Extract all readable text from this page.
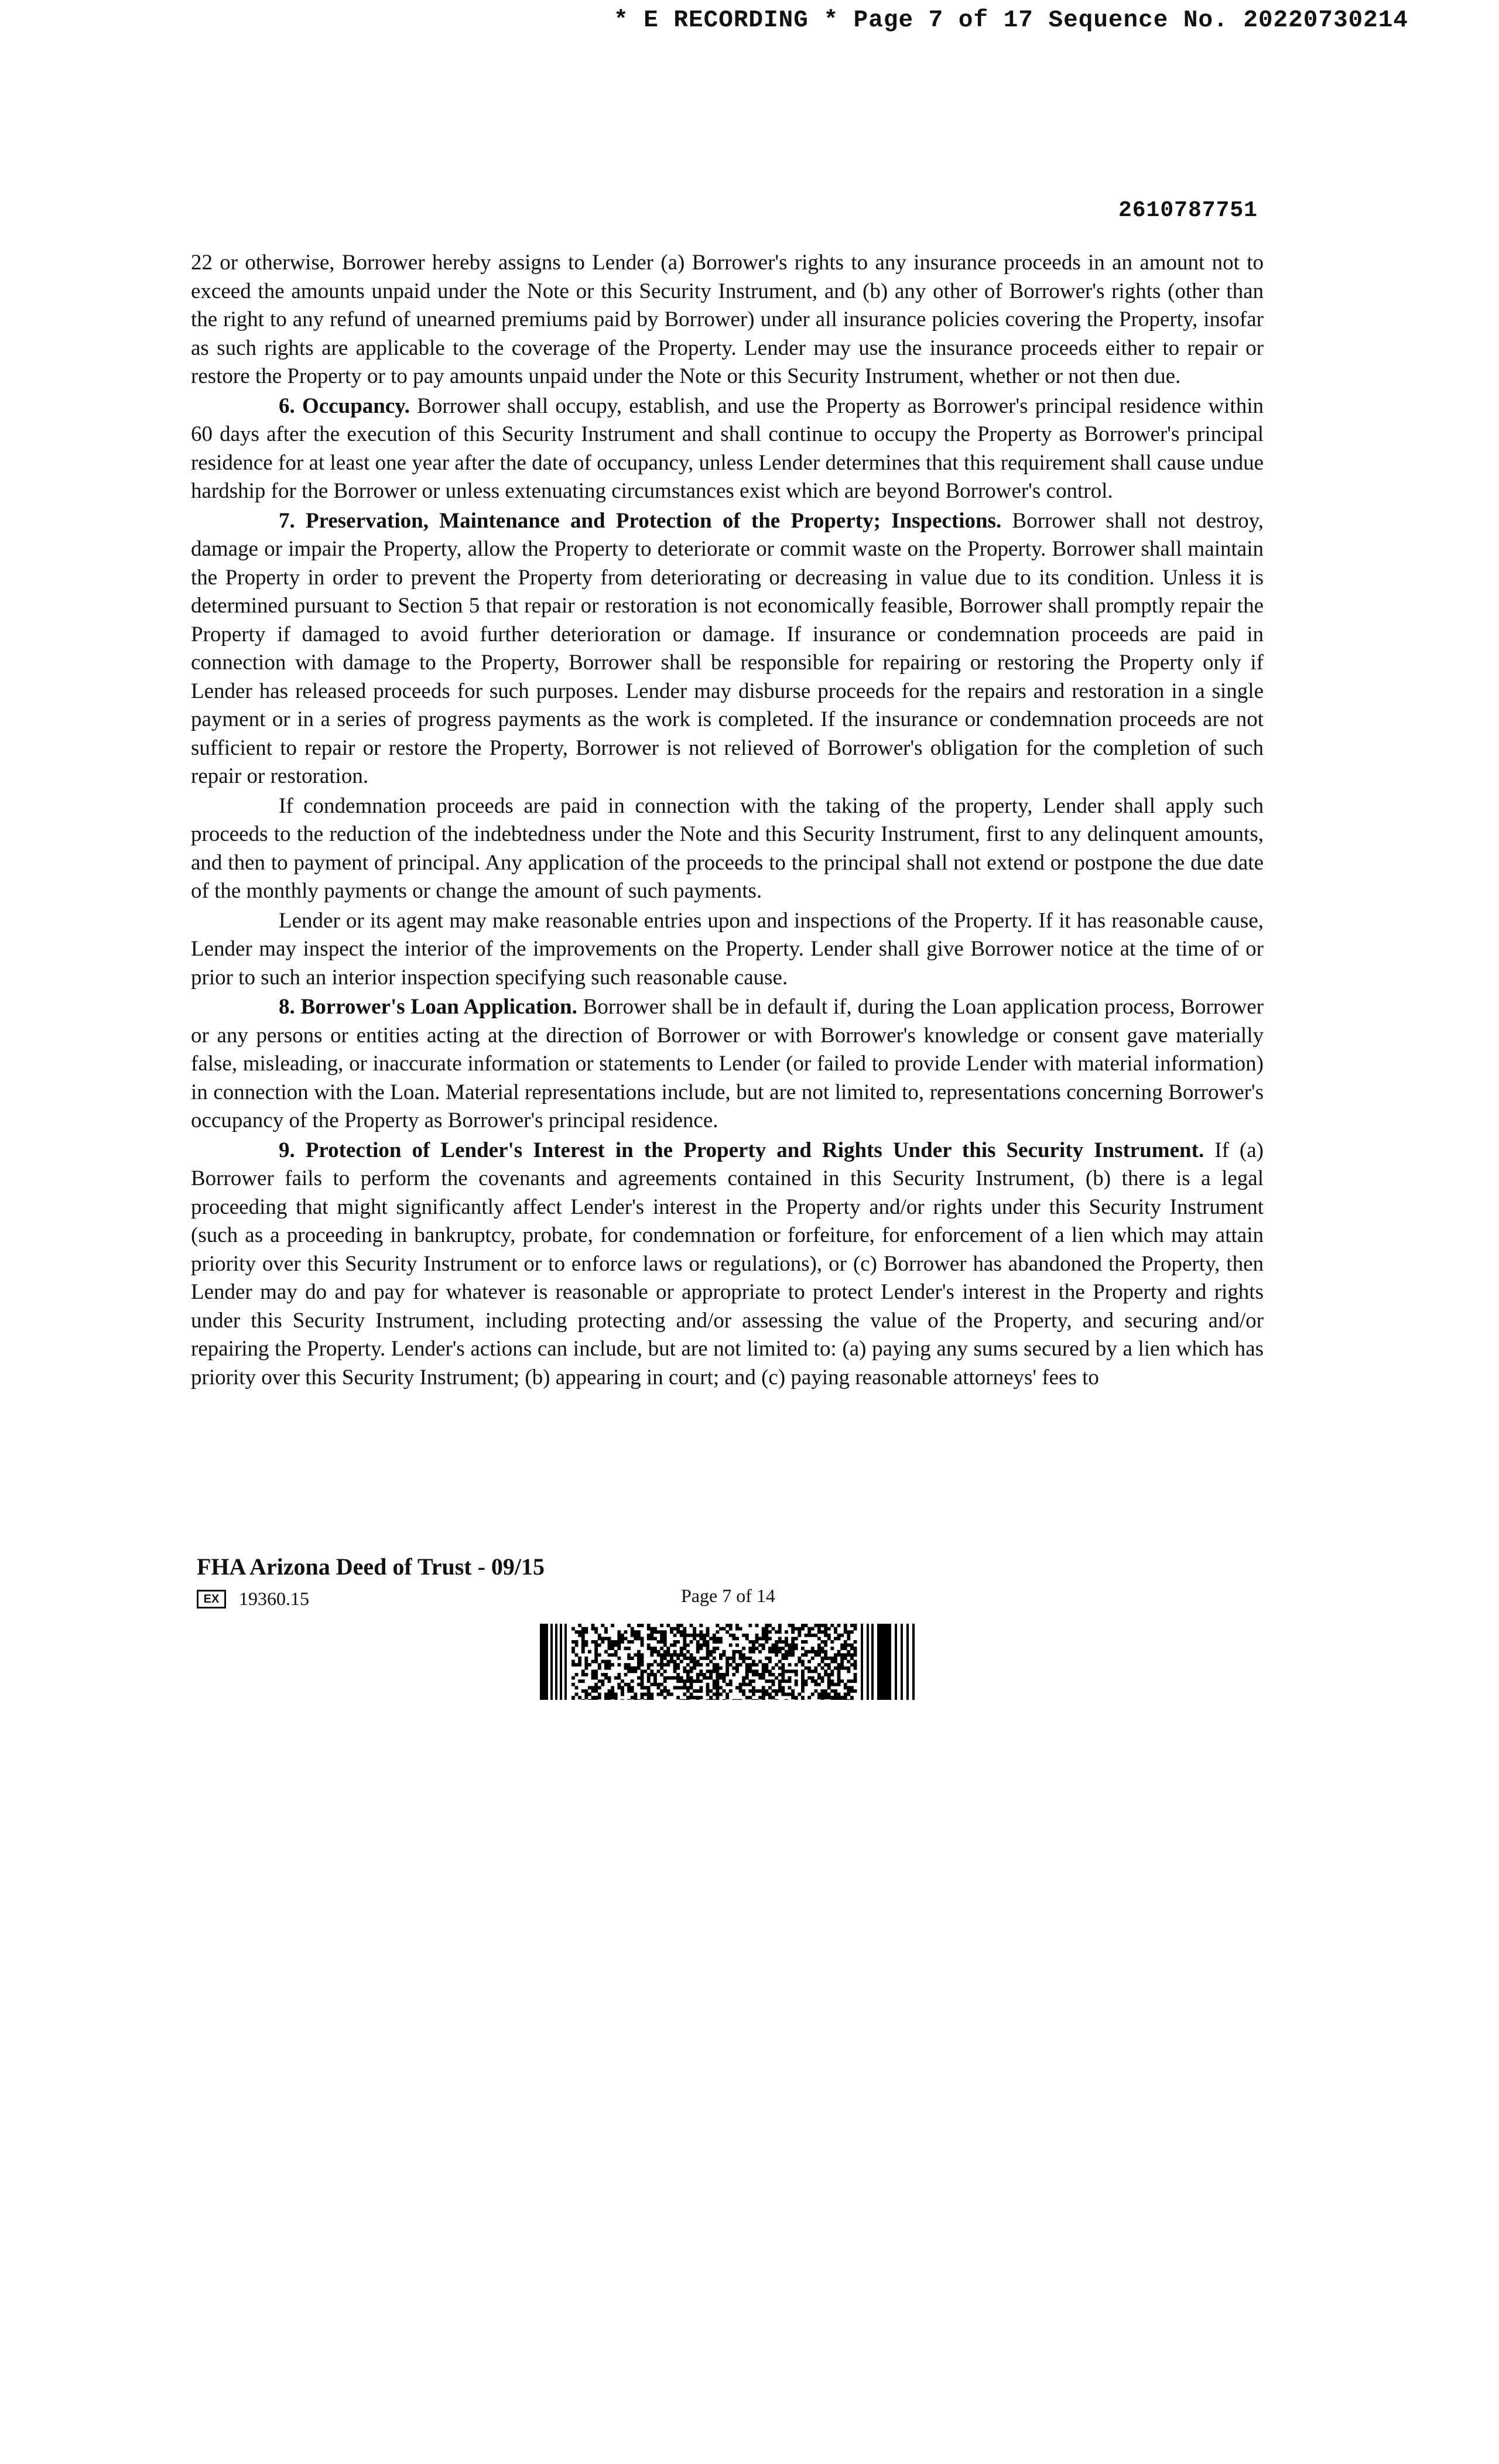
* E RECORDING * Page 7 of 17 Sequence No. 20220730214
2610787751

22 or otherwise, Borrower hereby assigns to Lender (a) Borrower's rights to any insurance proceeds in an amount not to exceed the amounts unpaid under the Note or this Security Instrument, and (b) any other of Borrower's rights (other than the right to any refund of unearned premiums paid by Borrower) under all insurance policies covering the Property, insofar as such rights are applicable to the coverage of the Property. Lender may use the insurance proceeds either to repair or restore the Property or to pay amounts unpaid under the Note or this Security Instrument, whether or not then due.

6. Occupancy. Borrower shall occupy, establish, and use the Property as Borrower's principal residence within 60 days after the execution of this Security Instrument and shall continue to occupy the Property as Borrower's principal residence for at least one year after the date of occupancy, unless Lender determines that this requirement shall cause undue hardship for the Borrower or unless extenuating circumstances exist which are beyond Borrower's control.

7. Preservation, Maintenance and Protection of the Property; Inspections. Borrower shall not destroy, damage or impair the Property, allow the Property to deteriorate or commit waste on the Property. Borrower shall maintain the Property in order to prevent the Property from deteriorating or decreasing in value due to its condition. Unless it is determined pursuant to Section 5 that repair or restoration is not economically feasible, Borrower shall promptly repair the Property if damaged to avoid further deterioration or damage. If insurance or condemnation proceeds are paid in connection with damage to the Property, Borrower shall be responsible for repairing or restoring the Property only if Lender has released proceeds for such purposes. Lender may disburse proceeds for the repairs and restoration in a single payment or in a series of progress payments as the work is completed. If the insurance or condemnation proceeds are not sufficient to repair or restore the Property, Borrower is not relieved of Borrower's obligation for the completion of such repair or restoration.

If condemnation proceeds are paid in connection with the taking of the property, Lender shall apply such proceeds to the reduction of the indebtedness under the Note and this Security Instrument, first to any delinquent amounts, and then to payment of principal. Any application of the proceeds to the principal shall not extend or postpone the due date of the monthly payments or change the amount of such payments.

Lender or its agent may make reasonable entries upon and inspections of the Property. If it has reasonable cause, Lender may inspect the interior of the improvements on the Property. Lender shall give Borrower notice at the time of or prior to such an interior inspection specifying such reasonable cause.

8. Borrower's Loan Application. Borrower shall be in default if, during the Loan application process, Borrower or any persons or entities acting at the direction of Borrower or with Borrower's knowledge or consent gave materially false, misleading, or inaccurate information or statements to Lender (or failed to provide Lender with material information) in connection with the Loan. Material representations include, but are not limited to, representations concerning Borrower's occupancy of the Property as Borrower's principal residence.

9. Protection of Lender's Interest in the Property and Rights Under this Security Instrument. If (a) Borrower fails to perform the covenants and agreements contained in this Security Instrument, (b) there is a legal proceeding that might significantly affect Lender's interest in the Property and/or rights under this Security Instrument (such as a proceeding in bankruptcy, probate, for condemnation or forfeiture, for enforcement of a lien which may attain priority over this Security Instrument or to enforce laws or regulations), or (c) Borrower has abandoned the Property, then Lender may do and pay for whatever is reasonable or appropriate to protect Lender's interest in the Property and rights under this Security Instrument, including protecting and/or assessing the value of the Property, and securing and/or repairing the Property. Lender's actions can include, but are not limited to: (a) paying any sums secured by a lien which has priority over this Security Instrument; (b) appearing in court; and (c) paying reasonable attorneys' fees to

FHA Arizona Deed of Trust - 09/15
EX	19360.15	Page 7 of 14
